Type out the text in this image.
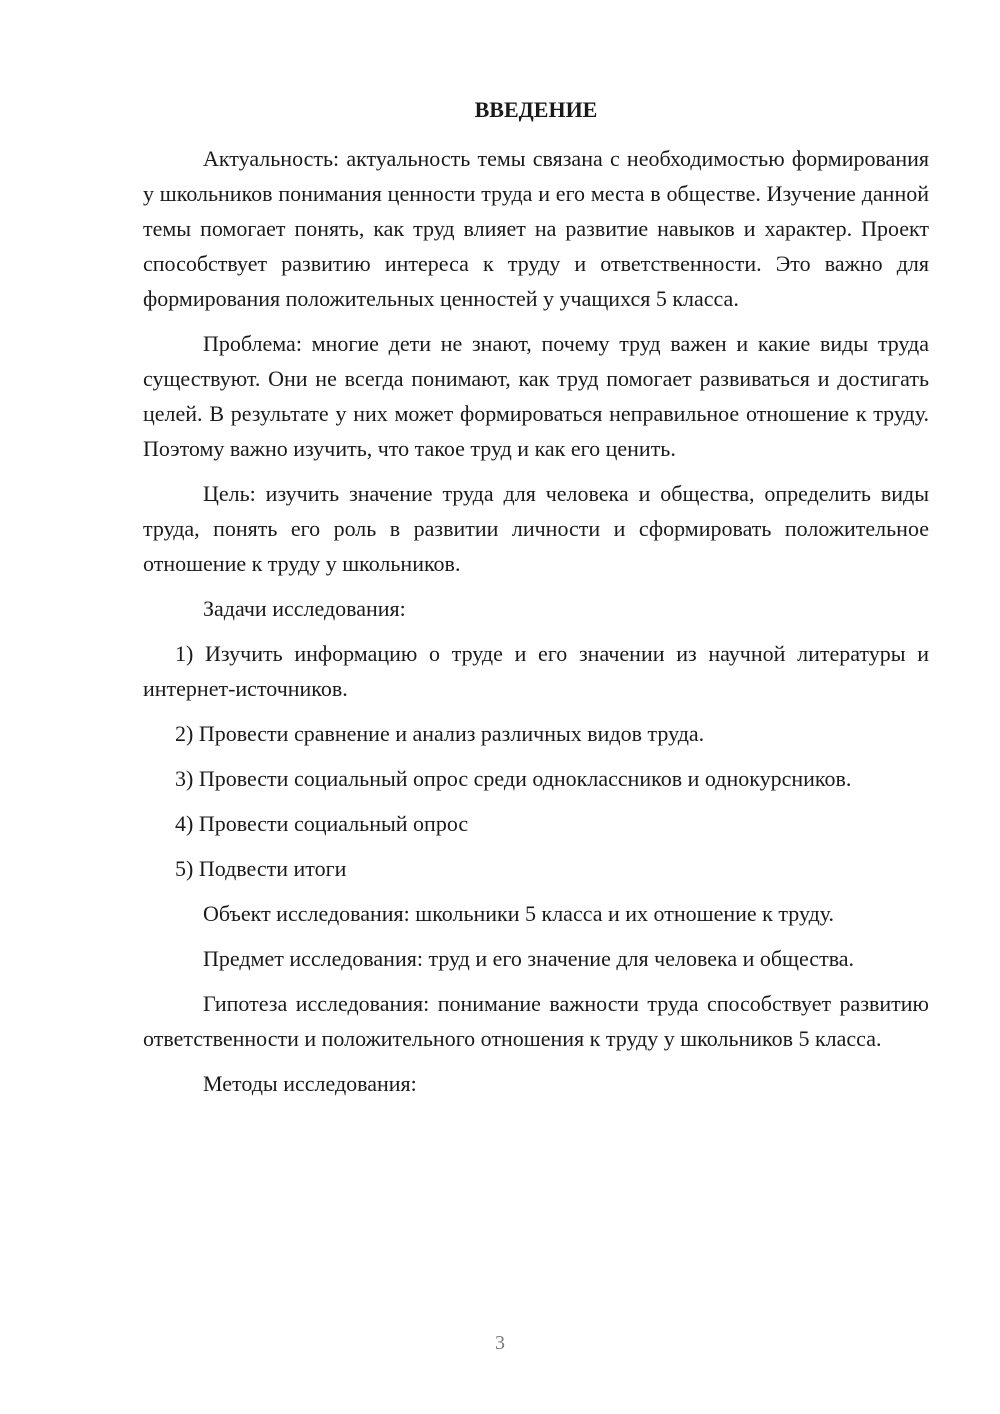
ВВЕДЕНИЕ

Актуальность: актуальность темы связана с необходимостью формирования у школьников понимания ценности труда и его места в обществе. Изучение данной темы помогает понять, как труд влияет на развитие навыков и характер. Проект способствует развитию интереса к труду и ответственности. Это важно для формирования положительных ценностей у учащихся 5 класса.

Проблема: многие дети не знают, почему труд важен и какие виды труда существуют. Они не всегда понимают, как труд помогает развиваться и достигать целей. В результате у них может формироваться неправильное отношение к труду. Поэтому важно изучить, что такое труд и как его ценить.

Цель: изучить значение труда для человека и общества, определить виды труда, понять его роль в развитии личности и сформировать положительное отношение к труду у школьников.

Задачи исследования:

1) Изучить информацию о труде и его значении из научной литературы и интернет-источников.

2) Провести сравнение и анализ различных видов труда.

3) Провести социальный опрос среди одноклассников и однокурсников.

4) Провести социальный опрос

5) Подвести итоги

Объект исследования: школьники 5 класса и их отношение к труду.

Предмет исследования: труд и его значение для человека и общества.

Гипотеза исследования: понимание важности труда способствует развитию ответственности и положительного отношения к труду у школьников 5 класса.

Методы исследования:

3
